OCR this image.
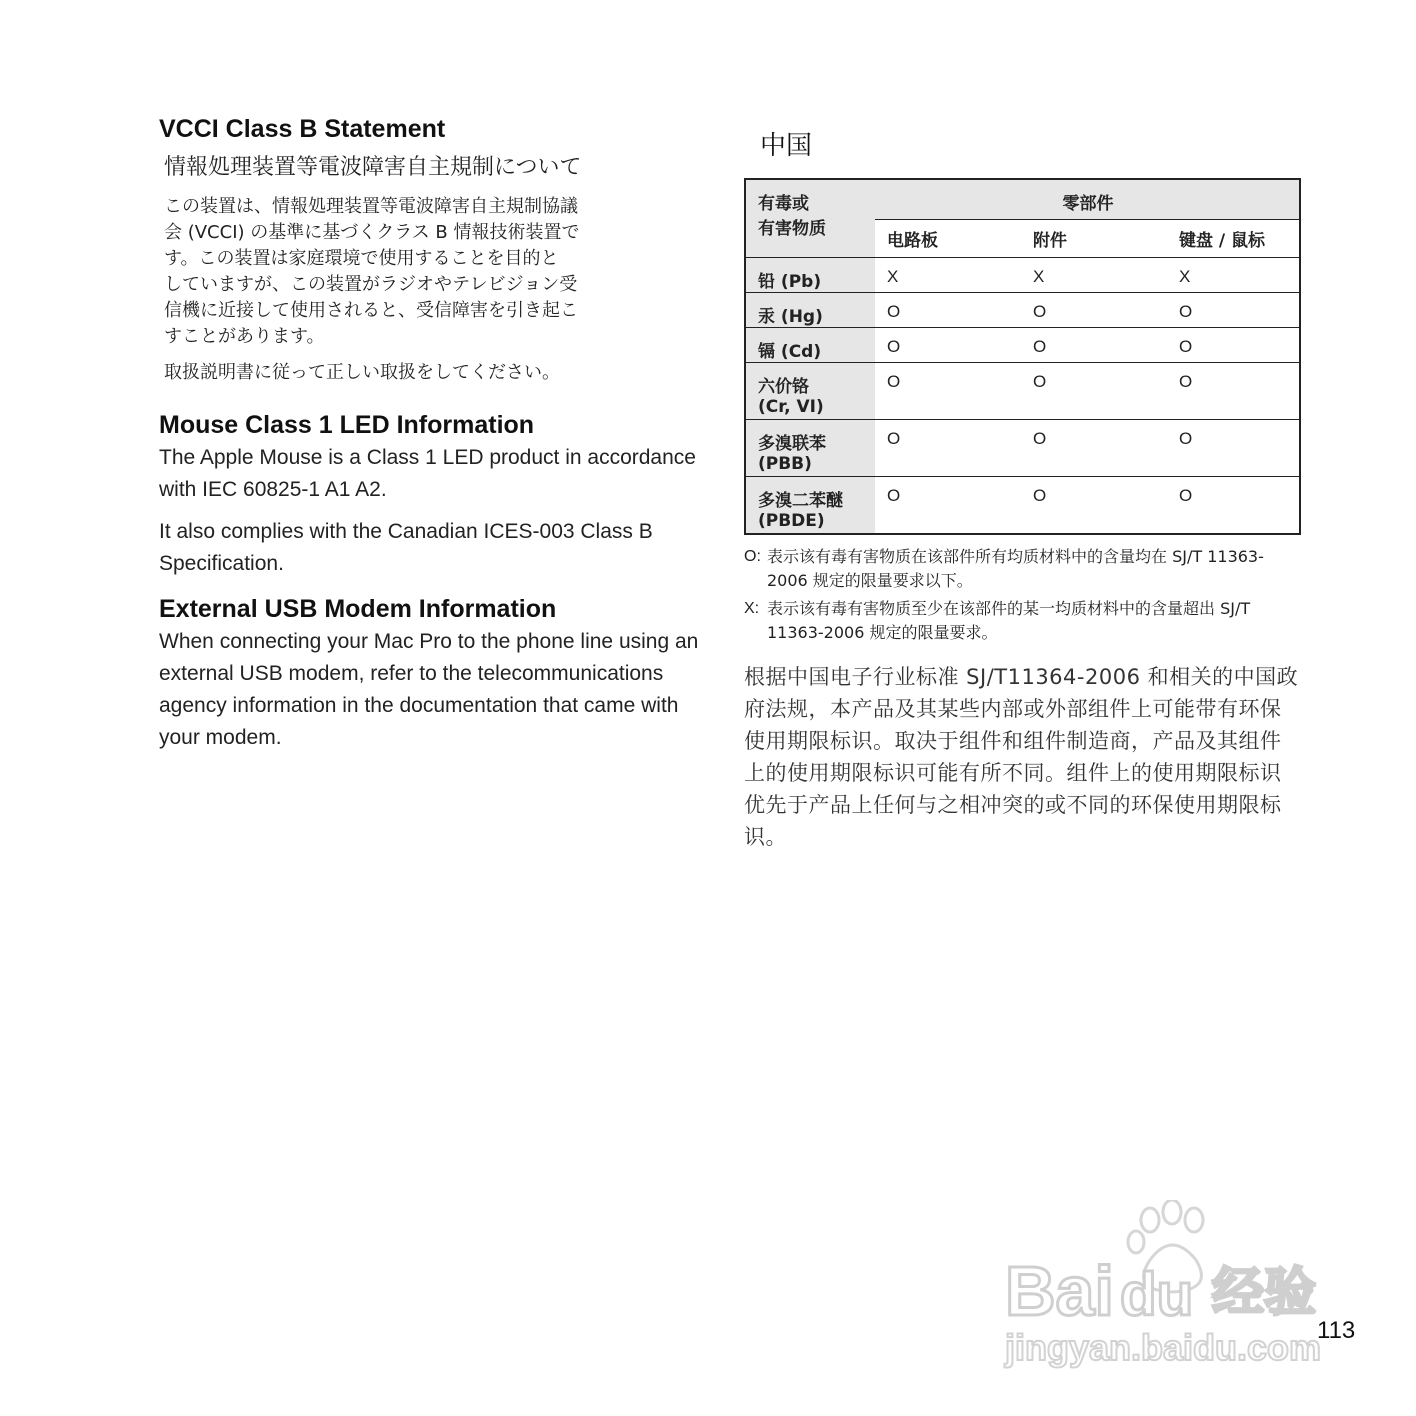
VCCI Class B Statement
情報処理装置等電波障害自主規制について
この装置は、情報処理装置等電波障害自主規制協議
会 (VCCI) の基準に基づくクラス B 情報技術装置で
す。この装置は家庭環境で使用することを目的と
していますが、この装置がラジオやテレビジョン受
信機に近接して使用されると、受信障害を引き起こ
すことがあります。
取扱説明書に従って正しい取扱をしてください。
Mouse Class 1 LED Information

The Apple Mouse is a Class 1 LED product in accordance with IEC 60825-1 A1 A2.

It also complies with the Canadian ICES-003 Class B Specification.

External USB Modem Information

When connecting your Mac Pro to the phone line using an external USB modem, refer to the telecommunications agency information in the documentation that came with your modem.

中国
有毒或
有害物质	零部件		
	电路板	附件	键盘 / 鼠标

铅 (Pb)	X	X	X

汞 (Hg)	O	O	O

镉 (Cd)	O	O	O

六价铬
(Cr, VI)	O	O	O

多溴联苯
(PBB)	O	O	O

多溴二苯醚
(PBDE)	O	O	O
O: 表示该有毒有害物质在该部件所有均质材料中的含量均在 SJ/T 11363-2006 规定的限量要求以下。
X: 表示该有毒有害物质至少在该部件的某一均质材料中的含量超出 SJ/T 11363-2006 规定的限量要求。
根据中国电子行业标准 SJ/T11364-2006 和相关的中国政府法规，本产品及其某些内部或外部组件上可能带有环保使用期限标识。取决于组件和组件制造商，产品及其组件上的使用期限标识可能有所不同。组件上的使用期限标识优先于产品上任何与之相冲突的或不同的环保使用期限标识。
Bai du 经验
jingyan.baidu.com
113
